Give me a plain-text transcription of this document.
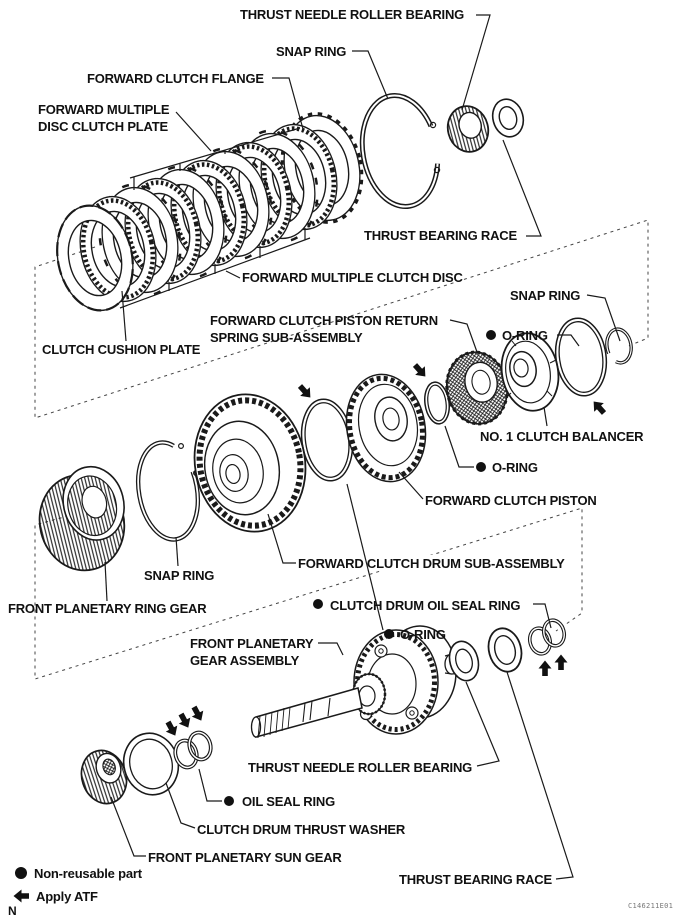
THRUST NEEDLE ROLLER BEARING
SNAP RING
FORWARD CLUTCH FLANGE
FORWARD MULTIPLE
DISC CLUTCH PLATE
THRUST BEARING RACE
FORWARD MULTIPLE CLUTCH DISC
SNAP RING
O-RING
FORWARD CLUTCH PISTON RETURN
SPRING SUB-ASSEMBLY
CLUTCH CUSHION PLATE
NO. 1 CLUTCH BALANCER
O-RING
FORWARD CLUTCH PISTON
O-RING
FORWARD CLUTCH DRUM SUB-ASSEMBLY
SNAP RING
FRONT PLANETARY RING GEAR	CLUTCH DRUM OIL SEAL RING
FRONT PLANETARY
GEAR ASSEMBLY
THRUST NEEDLE ROLLER BEARING
THRUST BEARING RACE
OIL SEAL RING
CLUTCH DRUM THRUST WASHER
FRONT PLANETARY SUN GEAR
Non-reusable part
Apply ATF
N	C146211E01
